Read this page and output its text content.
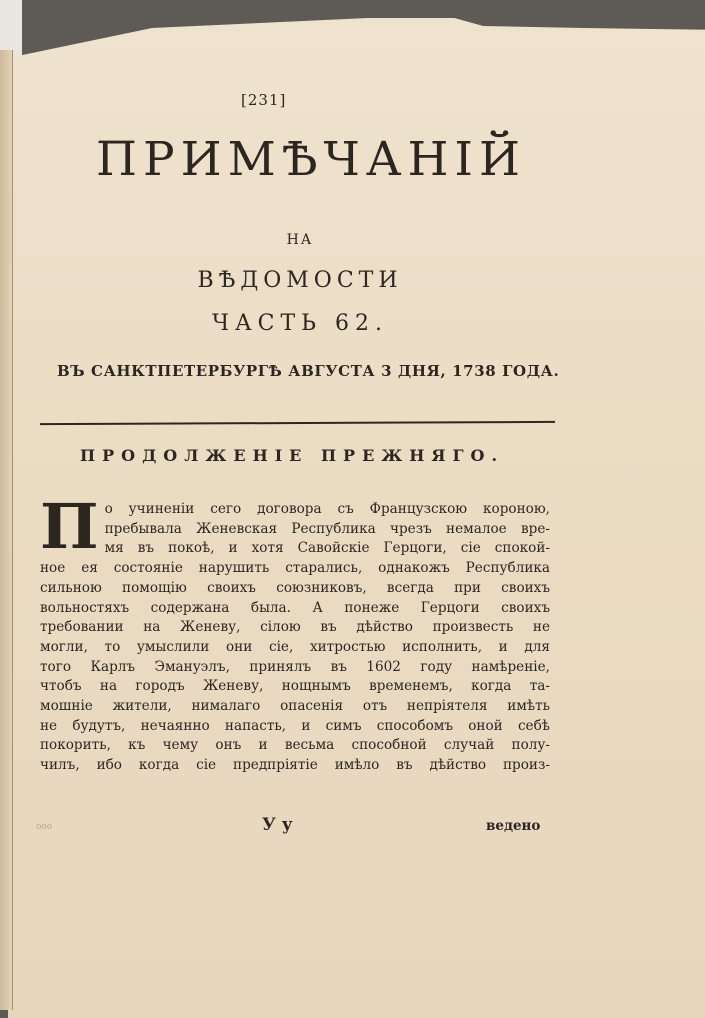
[231]
ПРИМѢЧАНІЙ
НА
ВѢДОМОСТИ
ЧАСТЬ 62.
ВЪ САНКТПЕТЕРБУРГѢ АВГУСТА 3 ДНЯ, 1738 ГОДА.
ПРОДОЛЖЕНІЕ ПРЕЖНЯГО.
П о учиненіи сего договора съ Французскою короною,
пребывала Женевская Республика чрезъ немалое вре-
мя въ покоѣ, и хотя Савойскіе Герцоги, сіе спокой-
ное ея состояніе нарушить старались, однакожъ Республика
сильною помощію своихъ союзниковъ, всегда при своихъ
вольностяхъ содержана была. А понеже Герцоги своихъ
требовании на Женеву, сілою въ дѣйство произвесть не
могли, то умыслили они сіе, хитростью исполнить, и для
того Карлъ Эмануэлъ, принялъ въ 1602 году намѣреніе,
чтобъ на городъ Женеву, нощнымъ временемъ, когда та-
мошніе жители, нималаго опасенія отъ непріятеля имѣть
не будутъ, нечаянно напасть, и симъ способомъ оной себѣ
покорить, къ чему онъ и весьма способной случай полу-
чилъ, ибо когда сіе предпріятіе имѣло въ дѣйство произ-
ооо	Уу	ведено
